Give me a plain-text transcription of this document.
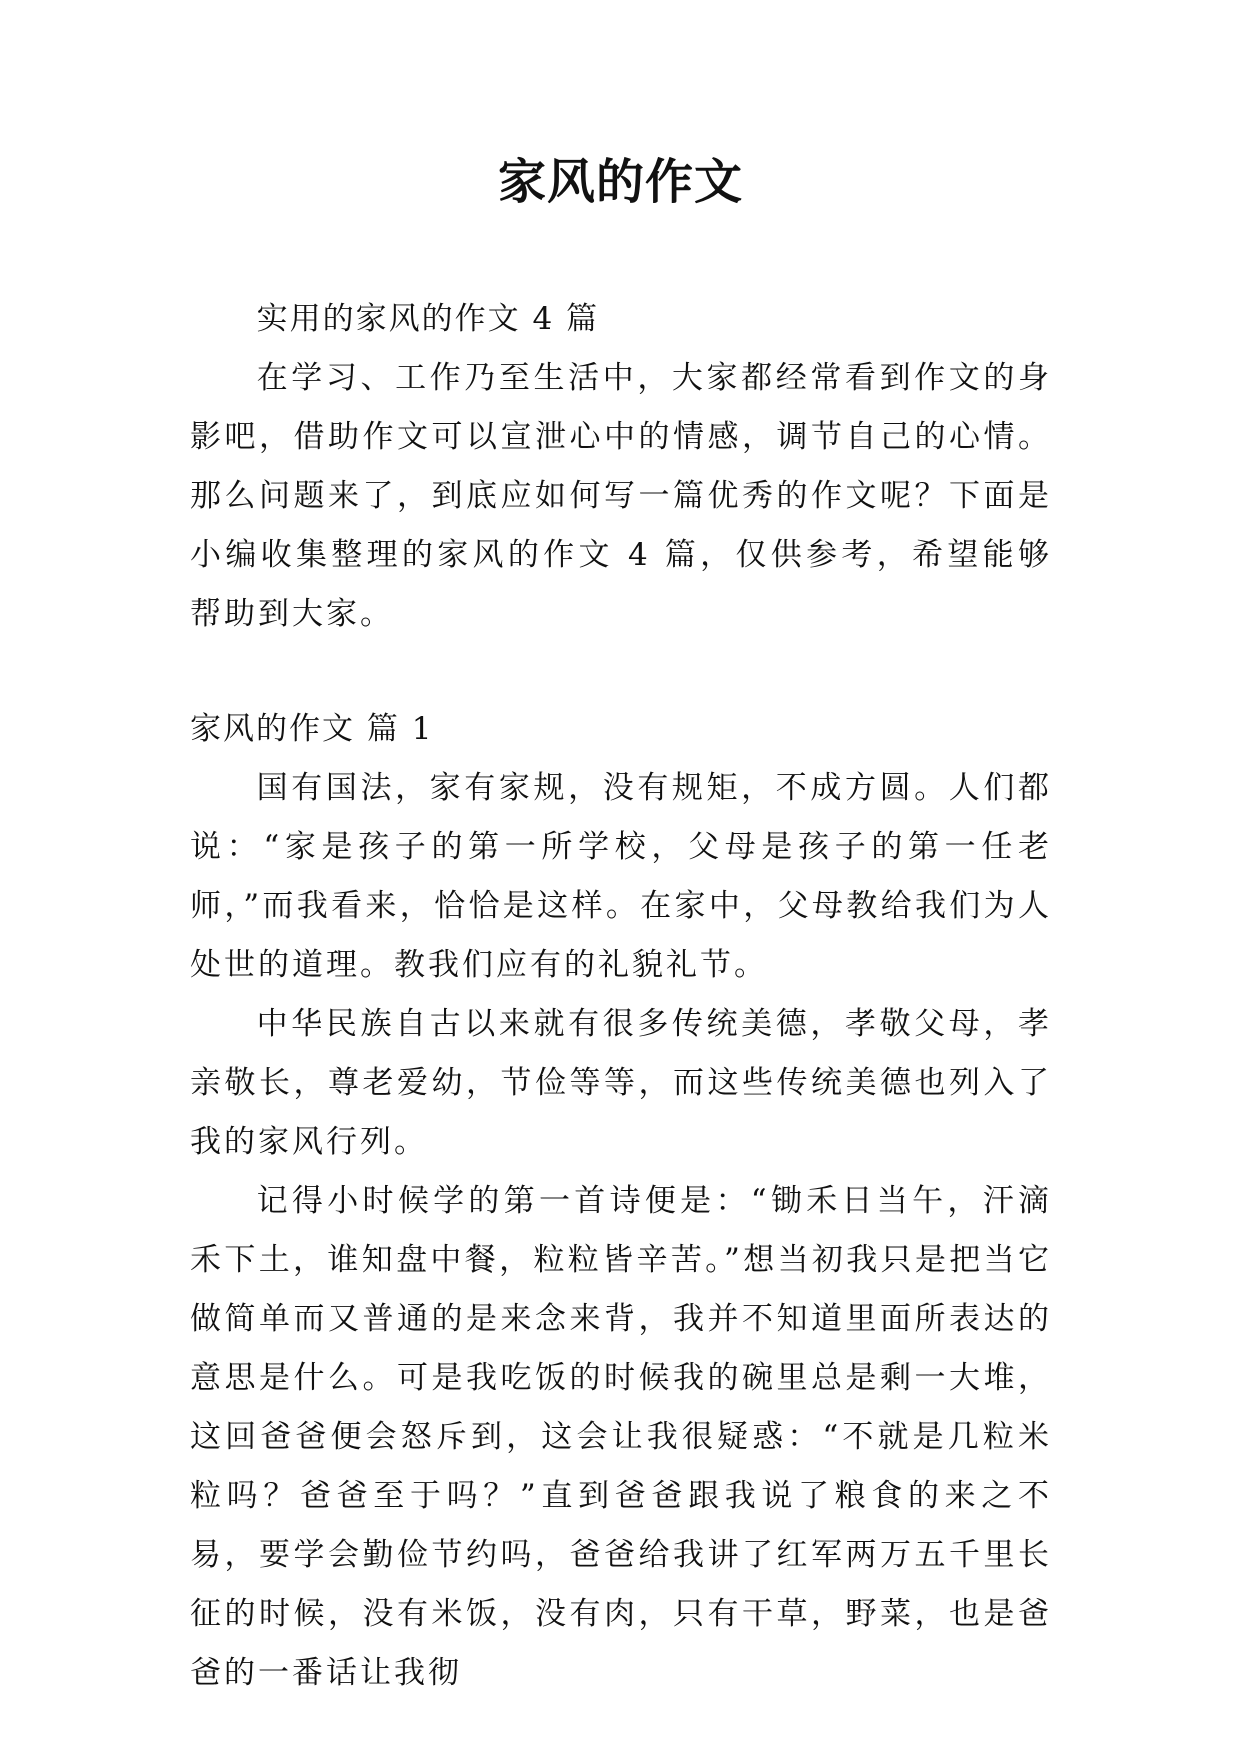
家风的作文

实用的家风的作文 4 篇

在学习、工作乃至生活中，大家都经常看到作文的身影吧，借助作文可以宣泄心中的情感，调节自己的心情。那么问题来了，到底应如何写一篇优秀的作文呢？下面是小编收集整理的家风的作文 4 篇，仅供参考，希望能够帮助到大家。

家风的作文 篇 1

国有国法，家有家规，没有规矩，不成方圆。人们都说：“家是孩子的第一所学校，父母是孩子的第一任老师，”而我看来，恰恰是这样。在家中，父母教给我们为人处世的道理。教我们应有的礼貌礼节。

中华民族自古以来就有很多传统美德，孝敬父母，孝亲敬长，尊老爱幼，节俭等等，而这些传统美德也列入了我的家风行列。

记得小时候学的第一首诗便是：“锄禾日当午，汗滴禾下土，谁知盘中餐，粒粒皆辛苦。”想当初我只是把当它做简单而又普通的是来念来背，我并不知道里面所表达的意思是什么。可是我吃饭的时候我的碗里总是剩一大堆，这回爸爸便会怒斥到，这会让我很疑惑：“不就是几粒米粒吗？爸爸至于吗？”直到爸爸跟我说了粮食的来之不易，要学会勤俭节约吗，爸爸给我讲了红军两万五千里长征的时候，没有米饭，没有肉，只有干草，野菜，也是爸爸的一番话让我彻
